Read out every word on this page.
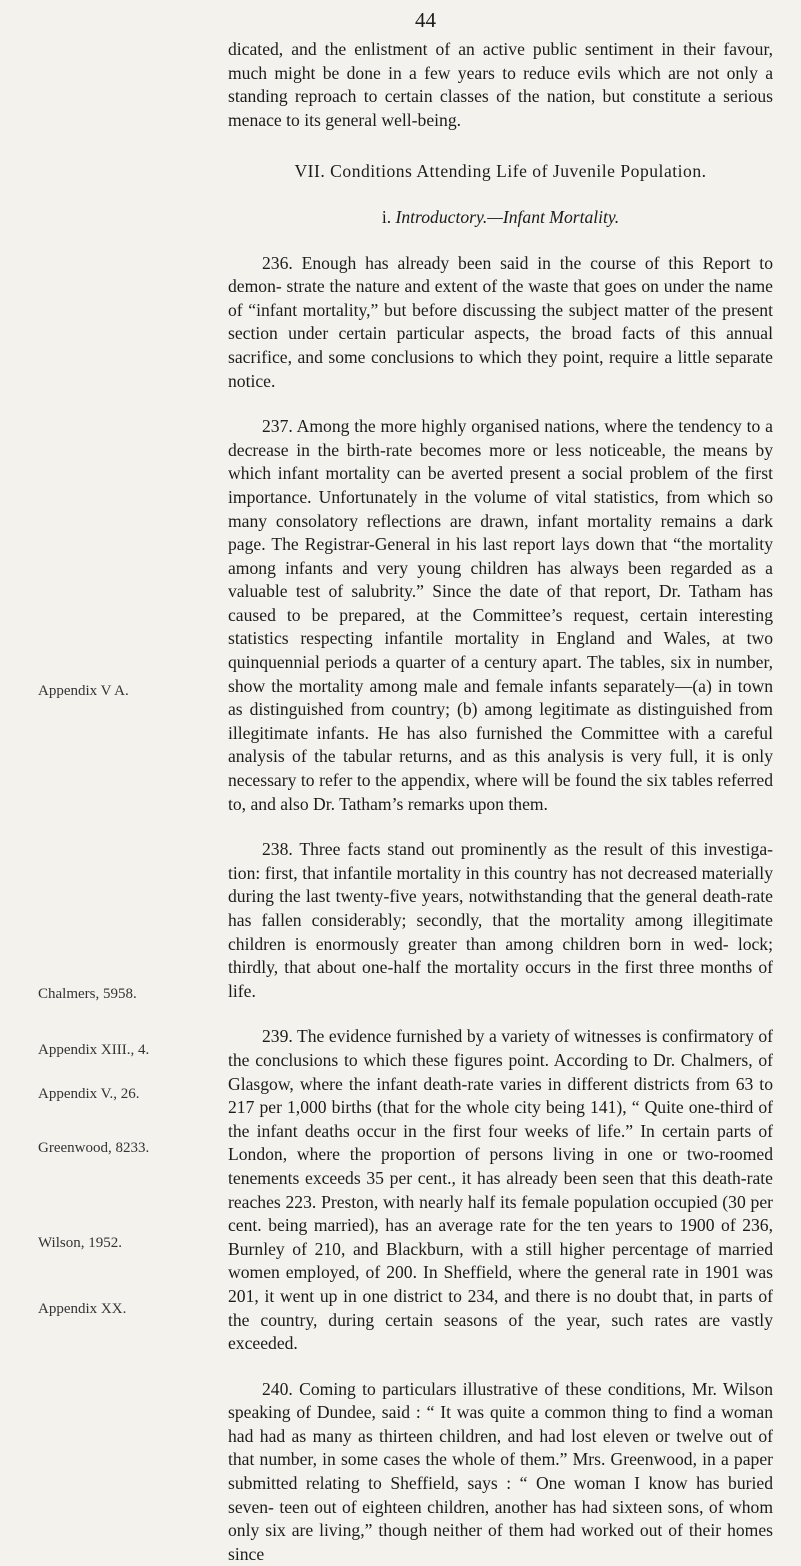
44

dicated, and the enlistment of an active public sentiment in their favour, much might be done in a few years to reduce evils which are not only a standing reproach to certain classes of the nation, but constitute a serious menace to its general well-being.

VII. Conditions Attending Life of Juvenile Population.

i. Introductory.—Infant Mortality.

236. Enough has already been said in the course of this Report to demon- strate the nature and extent of the waste that goes on under the name of “infant mortality,” but before discussing the subject matter of the present section under certain particular aspects, the broad facts of this annual sacrifice, and some conclusions to which they point, require a little separate notice.

237. Among the more highly organised nations, where the tendency to a decrease in the birth-rate becomes more or less noticeable, the means by which infant mortality can be averted present a social problem of the first importance. Unfortunately in the volume of vital statistics, from which so many consolatory reflections are drawn, infant mortality remains a dark page. The Registrar-General in his last report lays down that “the mortality among infants and very young children has always been regarded as a valuable test of salubrity.” Since the date of that report, Dr. Tatham has caused to be prepared, at the Committee’s request, certain interesting statistics respecting infantile mortality in England and Wales, at two quinquennial periods a quarter of a century apart. The tables, six in number, show the mortality among male and female infants separately—(a) in town as distinguished from country; (b) among legitimate as distinguished from illegitimate infants. He has also furnished the Committee with a careful analysis of the tabular returns, and as this analysis is very full, it is only necessary to refer to the appendix, where will be found the six tables referred to, and also Dr. Tatham’s remarks upon them.

238. Three facts stand out prominently as the result of this investiga- tion: first, that infantile mortality in this country has not decreased materially during the last twenty-five years, notwithstanding that the general death-rate has fallen considerably; secondly, that the mortality among illegitimate children is enormously greater than among children born in wed- lock; thirdly, that about one-half the mortality occurs in the first three months of life.

239. The evidence furnished by a variety of witnesses is confirmatory of the conclusions to which these figures point. According to Dr. Chalmers, of Glasgow, where the infant death-rate varies in different districts from 63 to 217 per 1,000 births (that for the whole city being 141), “ Quite one-third of the infant deaths occur in the first four weeks of life.” In certain parts of London, where the proportion of persons living in one or two-roomed tenements exceeds 35 per cent., it has already been seen that this death-rate reaches 223. Preston, with nearly half its female population occupied (30 per cent. being married), has an average rate for the ten years to 1900 of 236, Burnley of 210, and Blackburn, with a still higher percentage of married women employed, of 200. In Sheffield, where the general rate in 1901 was 201, it went up in one district to 234, and there is no doubt that, in parts of the country, during certain seasons of the year, such rates are vastly exceeded.

240. Coming to particulars illustrative of these conditions, Mr. Wilson speaking of Dundee, said : “ It was quite a common thing to find a woman had had as many as thirteen children, and had lost eleven or twelve out of that number, in some cases the whole of them.” Mrs. Greenwood, in a paper submitted relating to Sheffield, says : “ One woman I know has buried seven- teen out of eighteen children, another has had sixteen sons, of whom only six are living,” though neither of them had worked out of their homes since

Appendix V A.
Chalmers, 5958.
Appendix XIII., 4.
Appendix V., 26.
Greenwood, 8233.
Wilson, 1952.
Appendix XX.
